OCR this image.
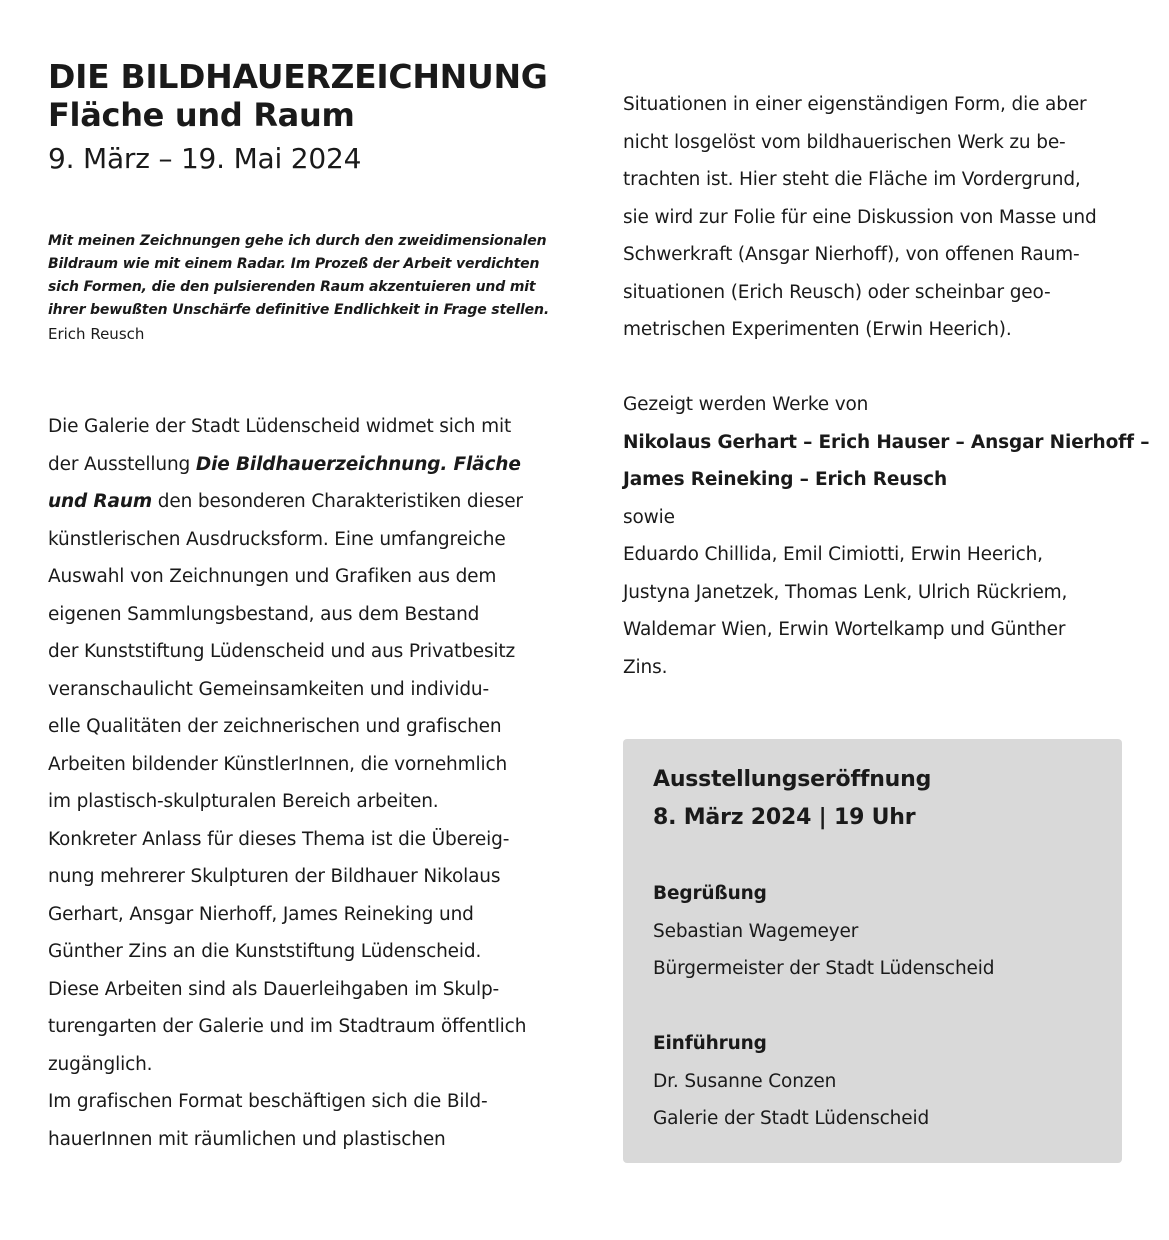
DIE BILDHAUERZEICHNUNG
Fläche und Raum
9. März – 19. Mai 2024
Mit meinen Zeichnungen gehe ich durch den zweidimensionalen
Bildraum wie mit einem Radar. Im Prozeß der Arbeit verdichten
sich Formen, die den pulsierenden Raum akzentuieren und mit
ihrer bewußten Unschärfe definitive Endlichkeit in Frage stellen.
Erich Reusch

Die Galerie der Stadt Lüdenscheid widmet sich mit

der Ausstellung Die Bildhauerzeichnung. Fläche

und Raum den besonderen Charakteristiken dieser

künstlerischen Ausdrucksform. Eine umfangreiche

Auswahl von Zeichnungen und Grafiken aus dem

eigenen Sammlungsbestand, aus dem Bestand

der Kunststiftung Lüdenscheid und aus Privatbesitz

veranschaulicht Gemeinsamkeiten und individu-

elle Qualitäten der zeichnerischen und grafischen

Arbeiten bildender KünstlerInnen, die vornehmlich

im plastisch-skulpturalen Bereich arbeiten.

Konkreter Anlass für dieses Thema ist die Übereig-

nung mehrerer Skulpturen der Bildhauer Nikolaus

Gerhart, Ansgar Nierhoff, James Reineking und

Günther Zins an die Kunststiftung Lüdenscheid.

Diese Arbeiten sind als Dauerleihgaben im Skulp-

turengarten der Galerie und im Stadtraum öffentlich

zugänglich.

Im grafischen Format beschäftigen sich die Bild-

hauerInnen mit räumlichen und plastischen

Situationen in einer eigenständigen Form, die aber

nicht losgelöst vom bildhauerischen Werk zu be-

trachten ist. Hier steht die Fläche im Vordergrund,

sie wird zur Folie für eine Diskussion von Masse und

Schwerkraft (Ansgar Nierhoff), von offenen Raum-

situationen (Erich Reusch) oder scheinbar geo-

metrischen Experimenten (Erwin Heerich).

Gezeigt werden Werke von

Nikolaus Gerhart – Erich Hauser – Ansgar Nierhoff –

James Reineking – Erich Reusch

sowie

Eduardo Chillida, Emil Cimiotti, Erwin Heerich,

Justyna Janetzek, Thomas Lenk, Ulrich Rückriem,

Waldemar Wien, Erwin Wortelkamp und Günther

Zins.

Ausstellungseröffnung
8. März 2024 | 19 Uhr

Begrüßung

Sebastian Wagemeyer

Bürgermeister der Stadt Lüdenscheid

Einführung

Dr. Susanne Conzen

Galerie der Stadt Lüdenscheid
